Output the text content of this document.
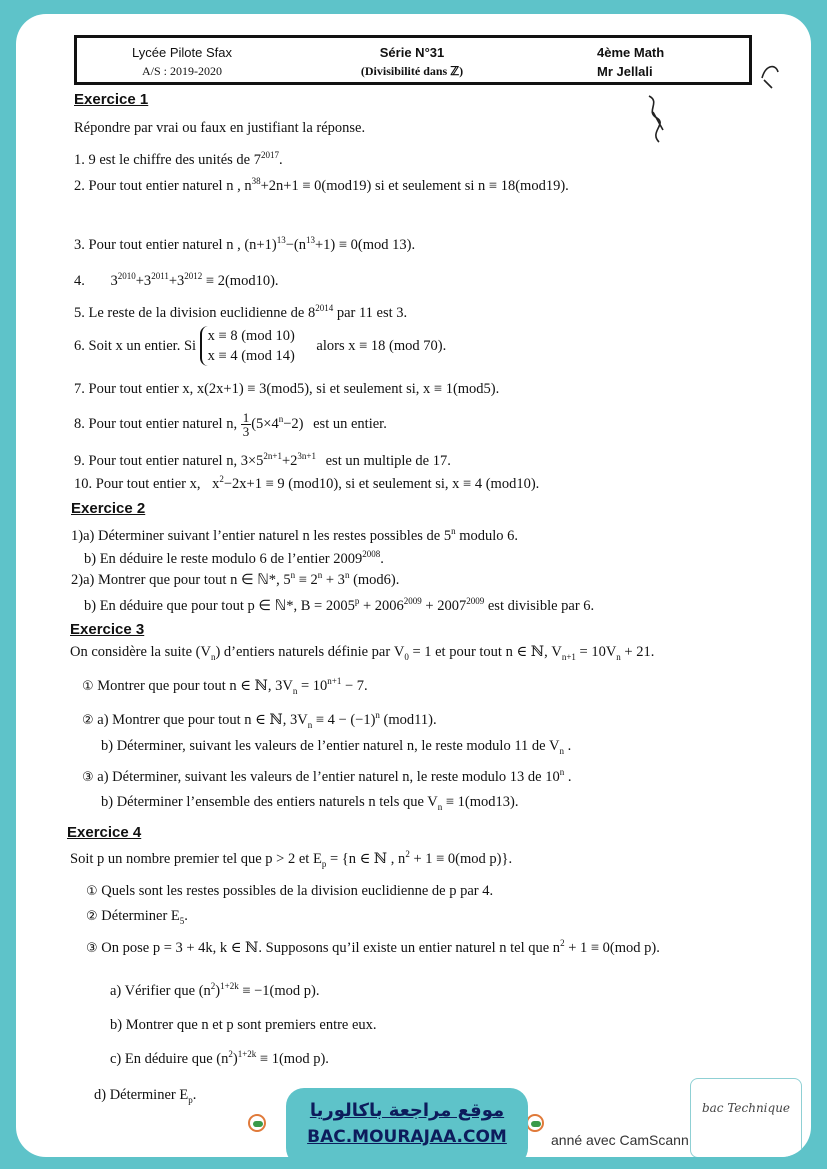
Lycée Pilote Sfax
A/S : 2019-2020
Série N°31
(Divisibilité dans ℤ)
4ème Math
Mr Jellali
Exercice 1
Répondre par vrai ou faux en justifiant la réponse.
1. 9 est le chiffre des unités de $7^{2017}$.
2. Pour tout entier naturel n , $n^{38}+2n+1 \equiv 0(mod19)$ si et seulement si n ≡ 18(mod19).
3. Pour tout entier naturel n , $(n+1)^{13}-(n^{13}+1) \equiv 0(mod$ 13).
4. $3^{2010}+3^{2011}+3^{2012} \equiv 2(mod10)$.
5. Le reste de la division euclidienne de $8^{2014}$ par 11 est 3.
6. Soit x un entier. Si
x ≡ 8 (mod 10)
x ≡ 4 (mod 14)
alors x ≡ 18 (mod 70).
7. Pour tout entier x, x(2x+1) ≡ 3(mod5), si et seulement si, x ≡ 1(mod5).
8. Pour tout entier naturel n, $\frac{1}{3} (5\times 4^n-2)$ est un entier.
9. Pour tout entier naturel n, $3\times 5^{2n+1}+2^{3n+1}$ est un multiple de 17.
10. Pour tout entier x, $x^2-2x+1 \equiv 9$ (mod10), si et seulement si, x ≡ 4 (mod10).
Exercice 2
1)a) Déterminer suivant l’entier naturel n les restes possibles de 5$^n$ modulo 6.
b) En déduire le reste modulo 6 de l’entier $2009^{2008}$.
2)a) Montrer que pour tout n ∈ ℕ*, $5^n \equiv 2^n + 3^n$ (mod6).
b) En déduire que pour tout p ∈ ℕ*, $B = 2005^p + 2006^{2009} + 2007^{2009}$ est divisible par 6.
Exercice 3
On considère la suite $(V_n)$ d’entiers naturels définie par $V_0 = 1$ et pour tout n ∈ ℕ, $V_{n+1} = 10V_n + 21$.
① Montrer que pour tout n ∈ ℕ, $3V_n = 10^{n+1} - 7$.
② a) Montrer que pour tout n ∈ ℕ, $3V_n \equiv 4 - (-1)^n$ (mod11).
b) Déterminer, suivant les valeurs de l’entier naturel n, le reste modulo 11 de $V_n$ .
③ a) Déterminer, suivant les valeurs de l’entier naturel n, le reste modulo 13 de 10$^n$ .
b) Déterminer l’ensemble des entiers naturels n tels que $V_n \equiv 1(mod13)$.
Exercice 4
Soit p un nombre premier tel que p > 2 et $E_p = \{n$ ∈ ℕ , $n^2 + 1 \equiv 0(mod$ p)}.
① Quels sont les restes possibles de la division euclidienne de p par 4.
② Déterminer $E_5$.
③ On pose p = 3 + 4k, k ∈ ℕ. Supposons qu’il existe un entier naturel n tel que $n^2 + 1 \equiv 0(mod$ p).
a) Vérifier que $(n^2)^{1+2k} \equiv -1(mod$ p).
b) Montrer que n et p sont premiers entre eux.
c) En déduire que $(n^2)^{1+2k} \equiv 1(mod$ p).
d) Déterminer $E_p$.
موقع مراجعة باكالوريا
BAC.MOURAJAA.COM	anné avec CamScann
bac Technique
